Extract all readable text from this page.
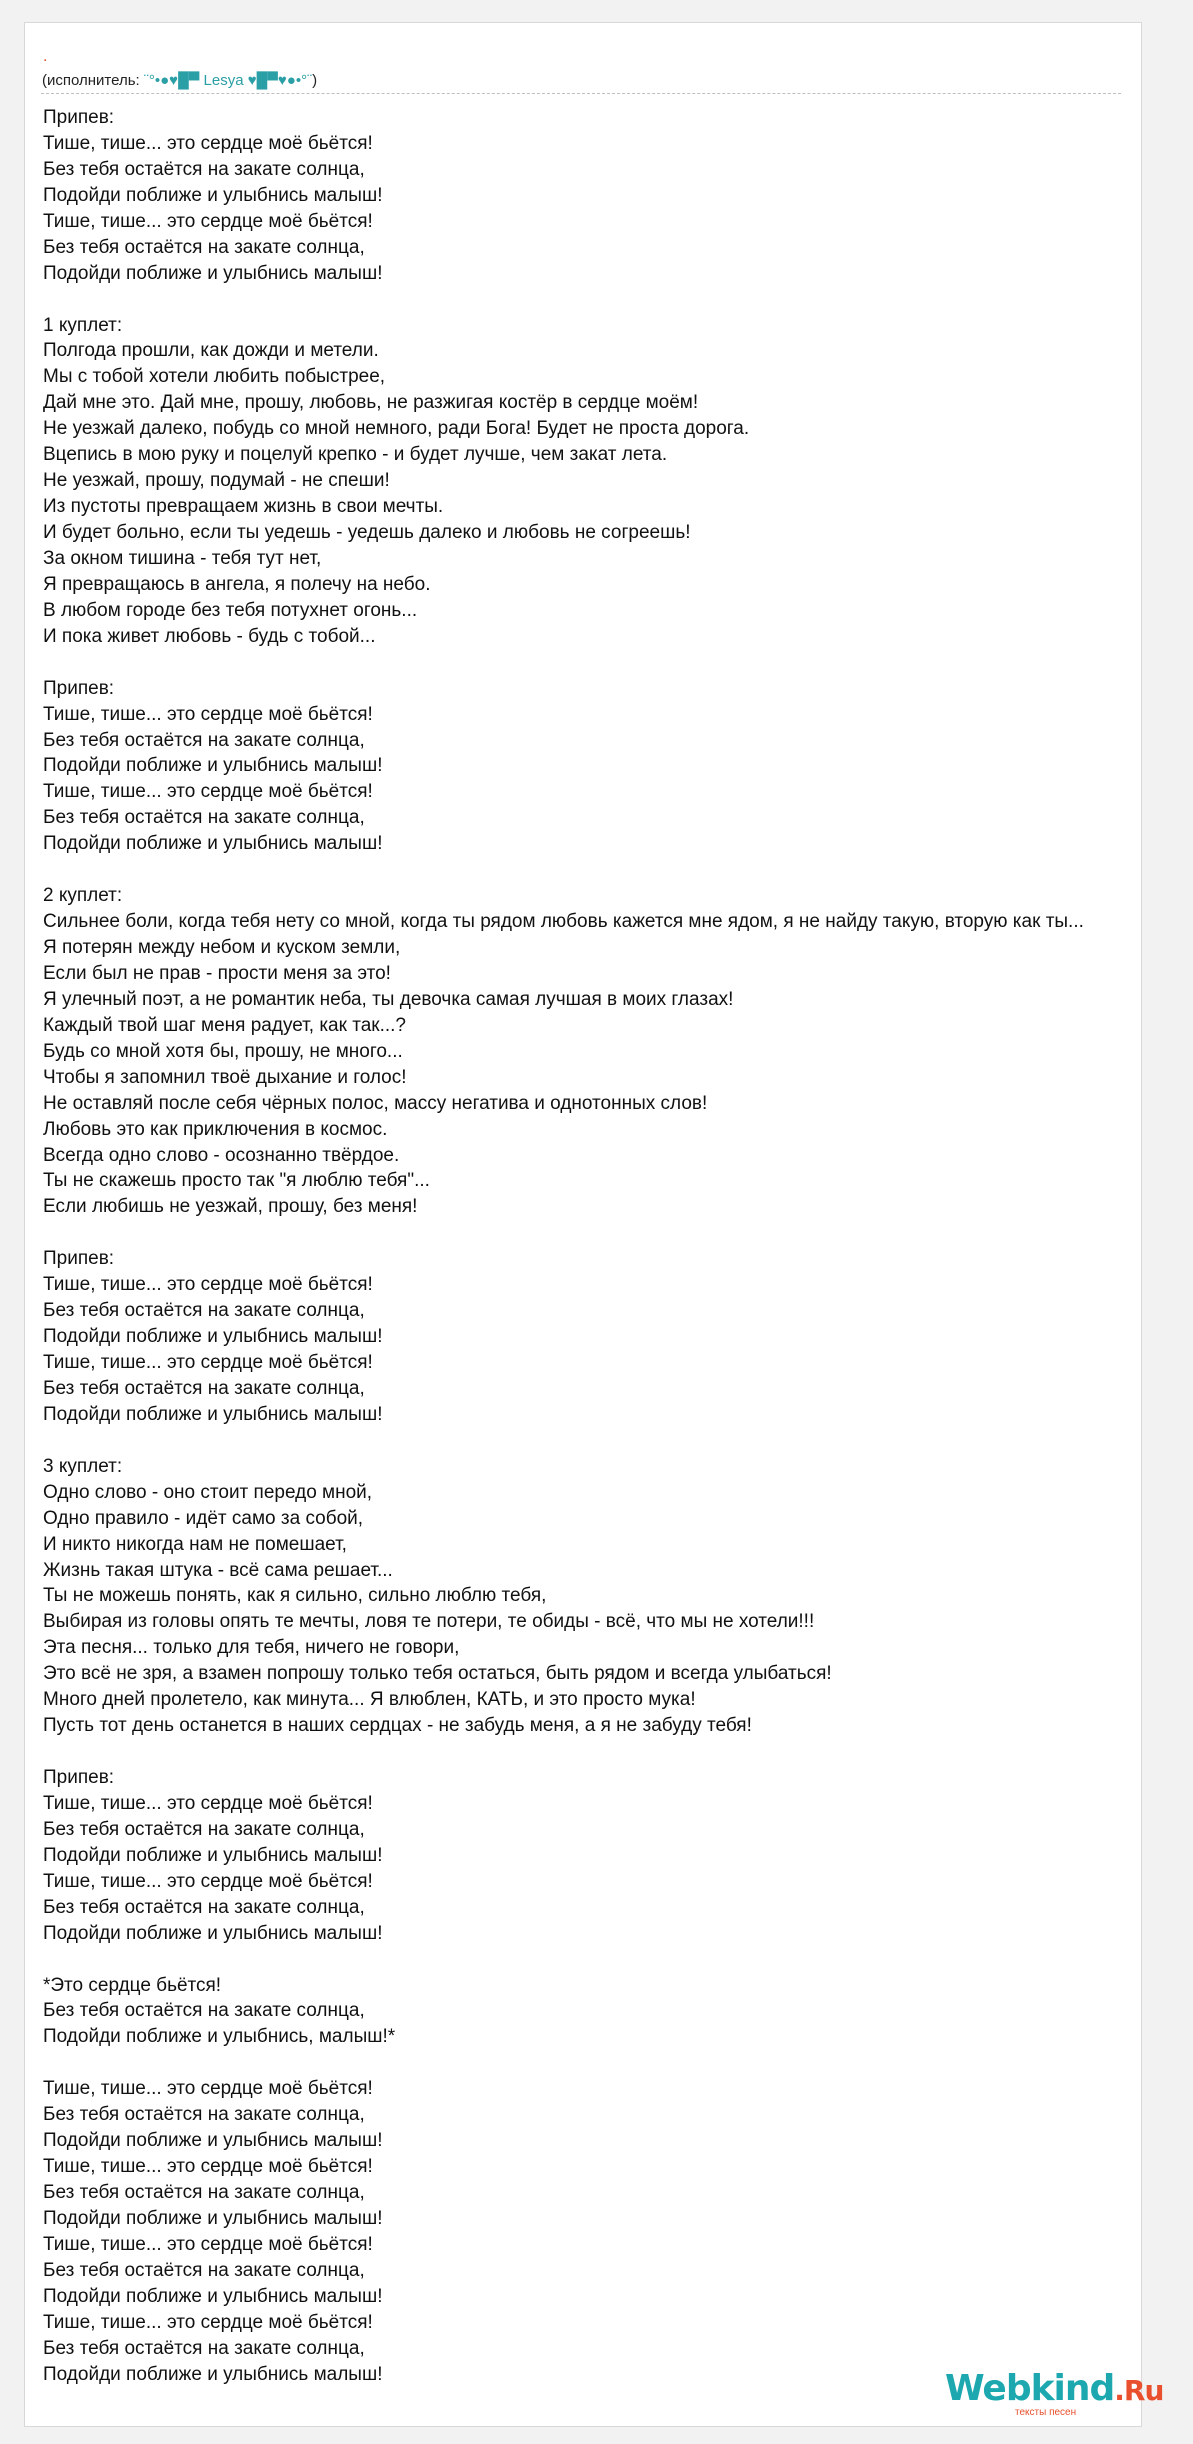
.
(исполнитель: ¨°•●♥█▀ Lesya ♥█▀♥●•°¨)
Припев:
Тише, тише... это сердце моё бьётся!
Без тебя остаётся на закате солнца,
Подойди поближе и улыбнись малыш!
Тише, тише... это сердце моё бьётся!
Без тебя остаётся на закате солнца,
Подойди поближе и улыбнись малыш!
1 куплет:
Полгода прошли, как дожди и метели.
Мы с тобой хотели любить побыстрее,
Дай мне это. Дай мне, прошу, любовь, не разжигая костёр в сердце моём!
Не уезжай далеко, побудь со мной немного, ради Бога! Будет не проста дорога.
Вцепись в мою руку и поцелуй крепко - и будет лучше, чем закат лета.
Не уезжай, прошу, подумай - не спеши!
Из пустоты превращаем жизнь в свои мечты.
И будет больно, если ты уедешь - уедешь далеко и любовь не согреешь!
За окном тишина - тебя тут нет,
Я превращаюсь в ангела, я полечу на небо.
В любом городе без тебя потухнет огонь...
И пока живет любовь - будь с тобой...
Припев:
Тише, тише... это сердце моё бьётся!
Без тебя остаётся на закате солнца,
Подойди поближе и улыбнись малыш!
Тише, тише... это сердце моё бьётся!
Без тебя остаётся на закате солнца,
Подойди поближе и улыбнись малыш!
2 куплет:
Сильнее боли, когда тебя нету со мной, когда ты рядом любовь кажется мне ядом, я не найду такую, вторую как ты...
Я потерян между небом и куском земли,
Если был не прав - прости меня за это!
Я улечный поэт, а не романтик неба, ты девочка самая лучшая в моих глазах!
Каждый твой шаг меня радует, как так...?
Будь со мной хотя бы, прошу, не много...
Чтобы я запомнил твоё дыхание и голос!
Не оставляй после себя чёрных полос, массу негатива и однотонных слов!
Любовь это как приключения в космос.
Всегда одно слово - осознанно твёрдое.
Ты не скажешь просто так "я люблю тебя"...
Если любишь не уезжай, прошу, без меня!
Припев:
Тише, тише... это сердце моё бьётся!
Без тебя остаётся на закате солнца,
Подойди поближе и улыбнись малыш!
Тише, тише... это сердце моё бьётся!
Без тебя остаётся на закате солнца,
Подойди поближе и улыбнись малыш!
3 куплет:
Одно слово - оно стоит передо мной,
Одно правило - идёт само за собой,
И никто никогда нам не помешает,
Жизнь такая штука - всё сама решает...
Ты не можешь понять, как я сильно, сильно люблю тебя,
Выбирая из головы опять те мечты, ловя те потери, те обиды - всё, что мы не хотели!!!
Эта песня... только для тебя, ничего не говори,
Это всё не зря, а взамен попрошу только тебя остаться, быть рядом и всегда улыбаться!
Много дней пролетело, как минута... Я влюблен, КАТЬ, и это просто мука!
Пусть тот день останется в наших сердцах - не забудь меня, а я не забуду тебя!
Припев:
Тише, тише... это сердце моё бьётся!
Без тебя остаётся на закате солнца,
Подойди поближе и улыбнись малыш!
Тише, тише... это сердце моё бьётся!
Без тебя остаётся на закате солнца,
Подойди поближе и улыбнись малыш!
*Это сердце бьётся!
Без тебя остаётся на закате солнца,
Подойди поближе и улыбнись, малыш!*
Тише, тише... это сердце моё бьётся!
Без тебя остаётся на закате солнца,
Подойди поближе и улыбнись малыш!
Тише, тише... это сердце моё бьётся!
Без тебя остаётся на закате солнца,
Подойди поближе и улыбнись малыш!
Тише, тише... это сердце моё бьётся!
Без тебя остаётся на закате солнца,
Подойди поближе и улыбнись малыш!
Тише, тише... это сердце моё бьётся!
Без тебя остаётся на закате солнца,
Подойди поближе и улыбнись малыш!	Webkind.Ru
тексты песен
